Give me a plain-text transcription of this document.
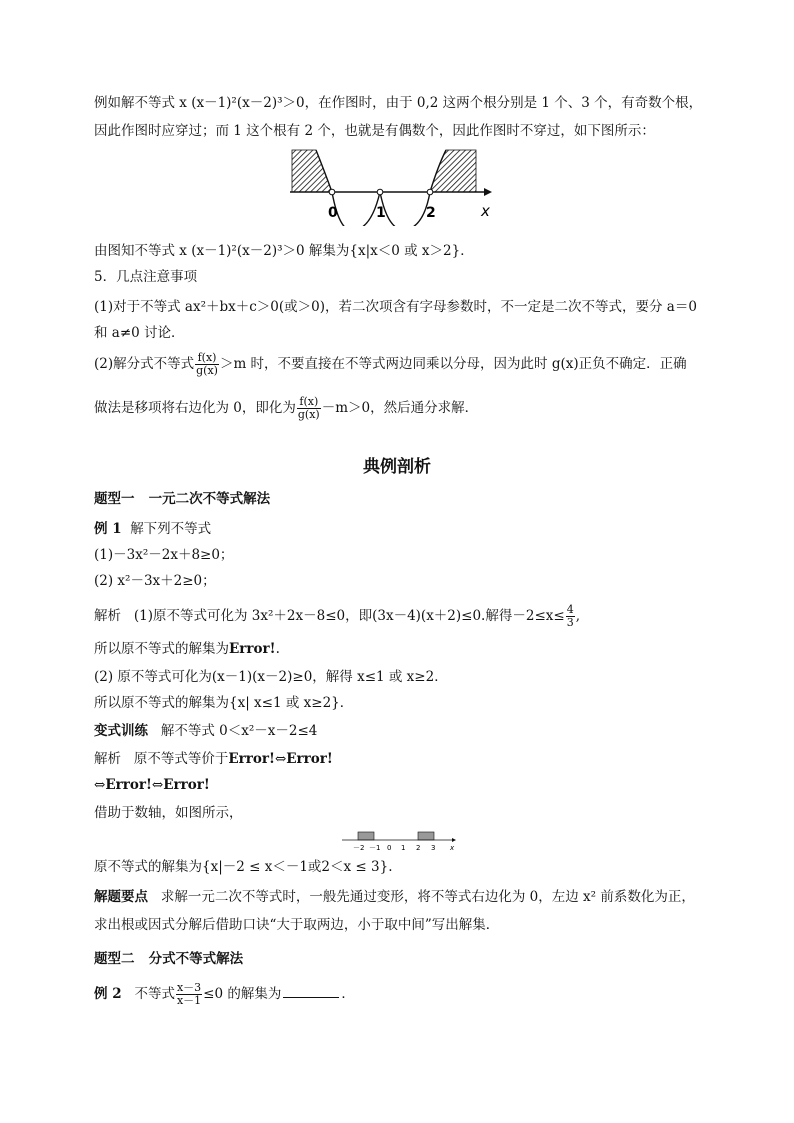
例如解不等式 x (x－1)²(x－2)³＞0，在作图时，由于 0,2 这两个根分别是 1 个、3 个，有奇数个根，
因此作图时应穿过；而 1 这个根有 2 个，也就是有偶数个，因此作图时不穿过，如下图所示：
0	1	2	x
由图知不等式 x (x－1)²(x－2)³＞0 解集为{x|x＜0 或 x＞2}．
5．几点注意事项
(1)对于不等式 ax²＋bx＋c＞0(或＞0)，若二次项含有字母参数时，不一定是二次不等式，要分 a＝0
和 a≠0 讨论．
(2)解分式不等式 $\frac{f(x)}{g(x)} >m$ 时，不要直接在不等式两边同乘以分母，因为此时 g(x)正负不确定．正确
做法是移项将右边化为 0，即化为 $\frac{f(x)}{g(x)} -m>0$，然后通分求解．
典例剖析
题型一 一元二次不等式解法
例 1 解下列不等式
(1)－3x²－2x＋8≥0；
(2) x²－3x＋2≥0；
解析 (1)原不等式可化为 3x²＋2x－8≤0，即(3x－4)(x＋2)≤0.解得$-2\le x\le \frac{4}{3}$ ,
所以原不等式的解集为Error!.
(2) 原不等式可化为(x－1)(x－2)≥0，解得 x≤1 或 x≥2．
所以原不等式的解集为{x| x≤1 或 x≥2}．
变式训练 解不等式 0＜x²－x－2≤4
解析 原不等式等价于Error!⇔Error!
⇔Error!⇔Error!
借助于数轴，如图所示，
－2 －1 0 1 2 3 x
原不等式的解集为{x|－2 ≤ x＜－1或2＜x ≤ 3}.
解题要点 求解一元二次不等式时，一般先通过变形，将不等式右边化为 0，左边 x² 前系数化为正，
求出根或因式分解后借助口诀“大于取两边，小于取中间”写出解集．
题型二 分式不等式解法
例 2 不等式 $\frac{x-3}{x-1} \le 0$ 的解集为	．
